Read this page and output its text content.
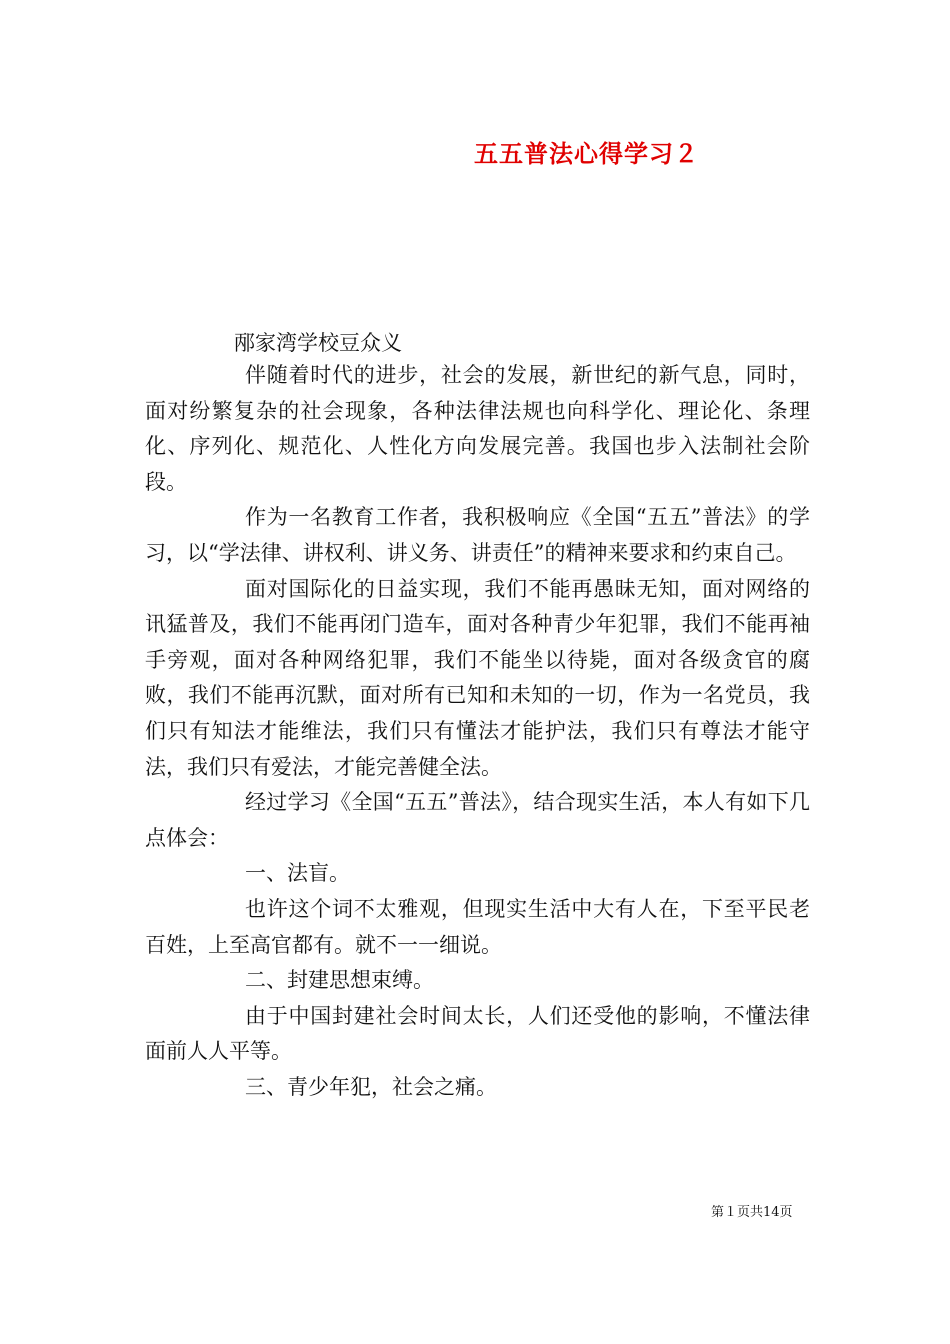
五五普法心得学习２
邴家湾学校豆众义

伴随着时代的进步，社会的发展，新世纪的新气息，同时，面对纷繁复杂的社会现象，各种法律法规也向科学化、理论化、条理化、序列化、规范化、人性化方向发展完善。我国也步入法制社会阶段。

作为一名教育工作者，我积极响应《全国“五五”普法》的学习，以“学法律、讲权利、讲义务、讲责任”的精神来要求和约束自己。

面对国际化的日益实现，我们不能再愚昧无知，面对网络的讯猛普及，我们不能再闭门造车，面对各种青少年犯罪，我们不能再袖手旁观，面对各种网络犯罪，我们不能坐以待毙，面对各级贪官的腐败，我们不能再沉默，面对所有已知和未知的一切，作为一名党员，我们只有知法才能维法，我们只有懂法才能护法，我们只有尊法才能守法，我们只有爱法，才能完善健全法。

经过学习《全国“五五”普法》，结合现实生活，本人有如下几点体会：

一、法盲。

也许这个词不太雅观，但现实生活中大有人在，下至平民老百姓，上至高官都有。就不一一细说。

二、封建思想束缚。

由于中国封建社会时间太长，人们还受他的影响，不懂法律面前人人平等。

三、青少年犯，社会之痛。

第１页共14页
